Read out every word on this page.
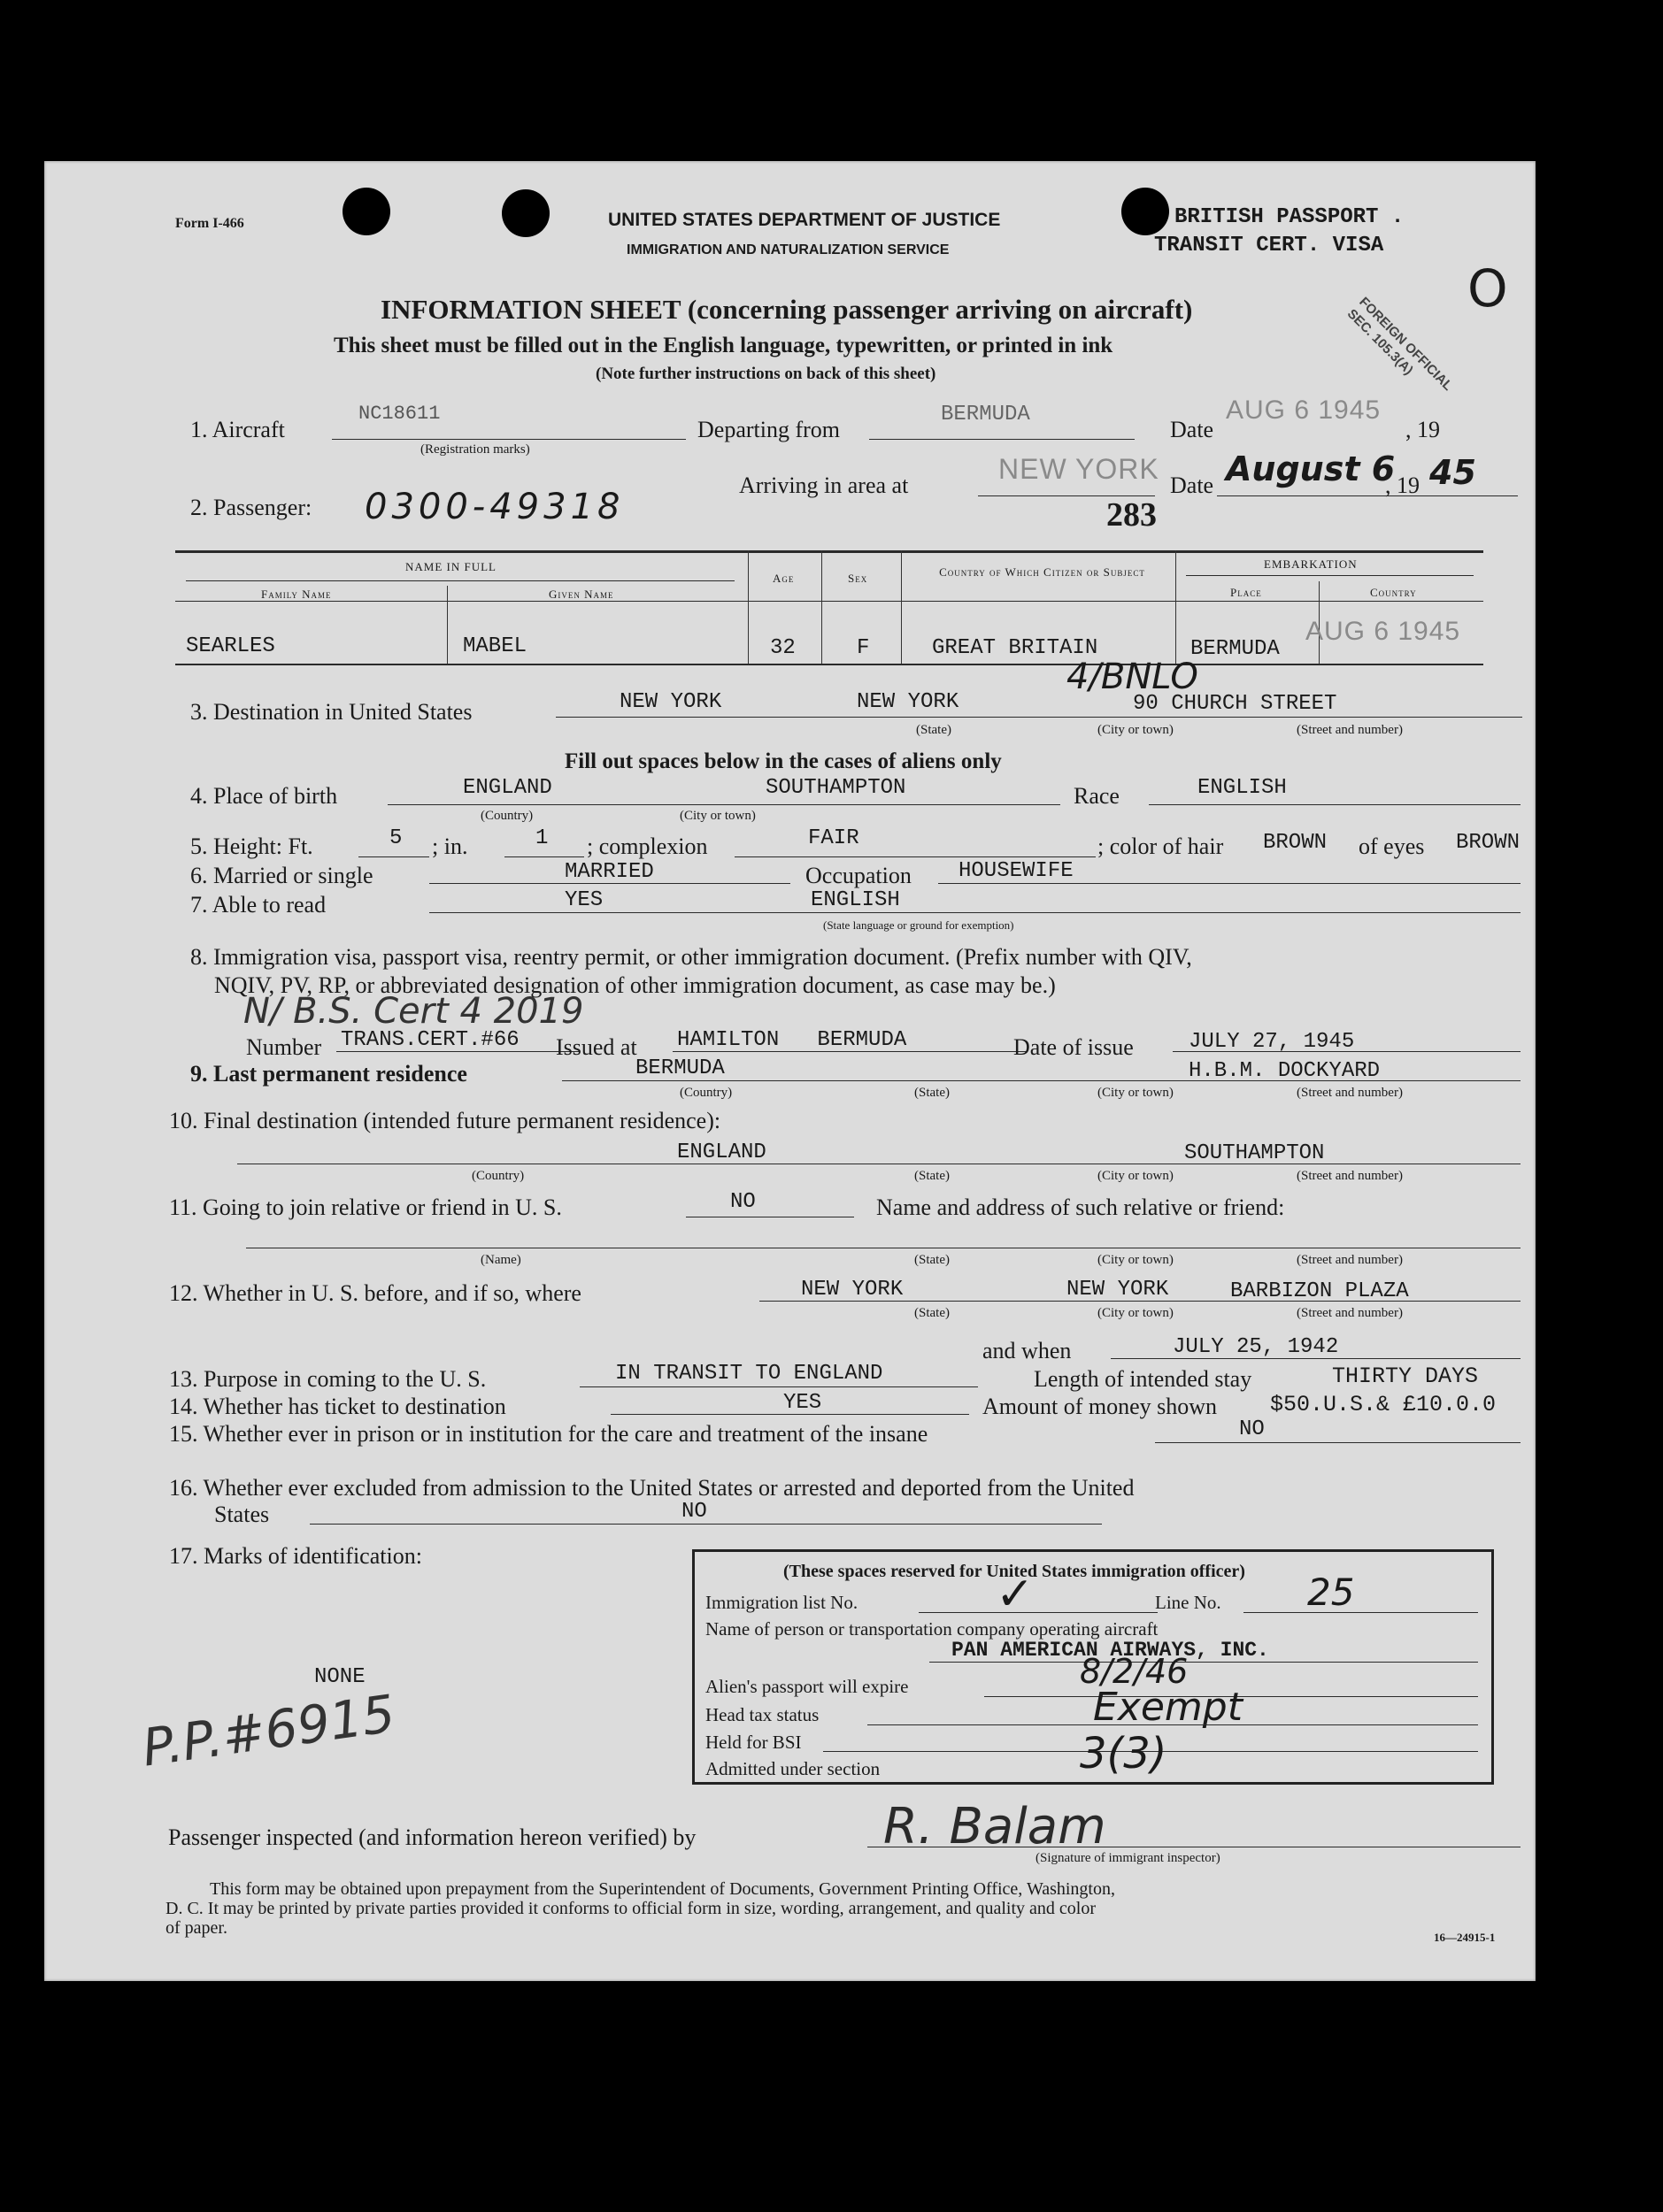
Form I-466	UNITED STATES DEPARTMENT OF JUSTICE
IMMIGRATION AND NATURALIZATION SERVICE
BRITISH PASSPORT .
TRANSIT CERT. VISA
FOREIGN OFFICIAL SEC. 105.3(A)
O
INFORMATION SHEET (concerning passenger arriving on aircraft)
This sheet must be filled out in the English language, typewritten, or printed in ink
(Note further instructions on back of this sheet)
1. Aircraft
NC18611
(Registration marks)
Departing from
BERMUDA
Date
AUG 6 1945
, 19
Arriving in area at
NEW YORK
Date August 6
, 19 45
2. Passenger: 0300-49318	283
NAME IN FULL
Family Name	Given Name
Age	Sex	Country of Which Citizen or Subject
EMBARKATION
Place	Country
SEARLES	MABEL	32	F	GREAT BRITAIN	BERMUDA
AUG 6 1945
3. Destination in United States	NEW YORK	NEW YORK	90 CHURCH STREET
4/BNLO
(State)	(City or town)	(Street and number)
Fill out spaces below in the cases of aliens only
4. Place of birth	ENGLAND	SOUTHAMPTON
(Country)	(City or town)
Race	ENGLISH
5. Height: Ft.	5 ; in.	1 ; complexion	FAIR	; color of hair BROWN of eyes BROWN
6. Married or single	MARRIED	Occupation HOUSEWIFE
7. Able to read	YES	ENGLISH
(State language or ground for exemption)
8. Immigration visa, passport visa, reentry permit, or other immigration document. (Prefix number with QIV,
NQIV, PV, RP, or abbreviated designation of other immigration document, as case may be.)
N/ B.S. Cert 4 2019
Number TRANS.CERT.#66 Issued at HAMILTON   BERMUDA	Date of issue	JULY 27, 1945
9. Last permanent residence	BERMUDA	H.B.M. DOCKYARD
(Country)	(State)	(City or town)	(Street and number)
10. Final destination (intended future permanent residence):
ENGLAND	SOUTHAMPTON
(Country)	(State)	(City or town)	(Street and number)
11. Going to join relative or friend in U. S.	NO	Name and address of such relative or friend:
(Name)	(State)	(City or town)	(Street and number)
12. Whether in U. S. before, and if so, where	NEW YORK	NEW YORK	BARBIZON PLAZA
(State)	(City or town)	(Street and number)
and when	JULY 25, 1942
13. Purpose in coming to the U. S.	IN TRANSIT TO ENGLAND	Length of intended stay	THIRTY DAYS
14. Whether has ticket to destination	YES	Amount of money shown $50.U.S.& £10.0.0
15. Whether ever in prison or in institution for the care and treatment of the insane	NO
16. Whether ever excluded from admission to the United States or arrested and deported from the United
States	NO
17. Marks of identification:
NONE
P.P.#6915
(These spaces reserved for United States immigration officer)
Immigration list No.	✓	Line No. 25
Name of person or transportation company operating aircraft
PAN AMERICAN AIRWAYS, INC.
Alien's passport will expire	8/2/46
Head tax status	Exempt
Held for BSI
Admitted under section	3(3)
Passenger inspected (and information hereon verified) by	R. Balam
(Signature of immigrant inspector)
This form may be obtained upon prepayment from the Superintendent of Documents, Government Printing Office, Washington,
D. C. It may be printed by private parties provided it conforms to official form in size, wording, arrangement, and quality and color
of paper.	16—24915-1
